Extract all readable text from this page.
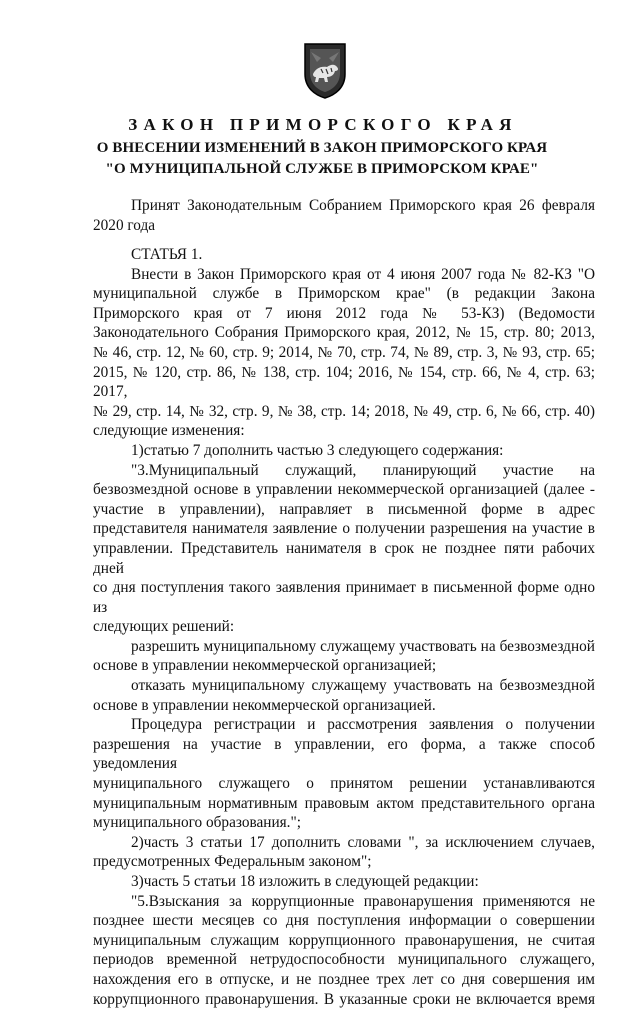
ЗАКОН ПРИМОРСКОГО КРАЯ
О ВНЕСЕНИИ ИЗМЕНЕНИЙ В ЗАКОН ПРИМОРСКОГО КРАЯ
"О МУНИЦИПАЛЬНОЙ СЛУЖБЕ В ПРИМОРСКОМ КРАЕ"

Принят Законодательным Собранием Приморского края 26 февраля

2020 года

СТАТЬЯ 1.

Внести в Закон Приморского края от 4 июня 2007 года № 82-КЗ "О

муниципальной службе в Приморском крае" (в редакции Закона

Приморского края от 7 июня 2012 года № 53-КЗ) (Ведомости

Законодательного Собрания Приморского края, 2012, № 15, стр. 80; 2013,

№ 46, стр. 12, № 60, стр. 9; 2014, № 70, стр. 74, № 89, стр. 3, № 93, стр. 65;

2015, № 120, стр. 86, № 138, стр. 104; 2016, № 154, стр. 66, № 4, стр. 63; 2017,

№ 29, стр. 14, № 32, стр. 9, № 38, стр. 14; 2018, № 49, стр. 6, № 66, стр. 40)

следующие изменения:

1)статью 7 дополнить частью 3 следующего содержания:

"3.Муниципальный служащий, планирующий участие на

безвозмездной основе в управлении некоммерческой организацией (далее -

участие в управлении), направляет в письменной форме в адрес

представителя нанимателя заявление о получении разрешения на участие в

управлении. Представитель нанимателя в срок не позднее пяти рабочих дней

со дня поступления такого заявления принимает в письменной форме одно из

следующих решений:

разрешить муниципальному служащему участвовать на безвозмездной

основе в управлении некоммерческой организацией;

отказать муниципальному служащему участвовать на безвозмездной

основе в управлении некоммерческой организацией.

Процедура регистрации и рассмотрения заявления о получении

разрешения на участие в управлении, его форма, а также способ уведомления

муниципального служащего о принятом решении устанавливаются

муниципальным нормативным правовым актом представительного органа

муниципального образования.";

2)часть 3 статьи 17 дополнить словами ", за исключением случаев,

предусмотренных Федеральным законом";

3)часть 5 статьи 18 изложить в следующей редакции:

"5.Взыскания за коррупционные правонарушения применяются не

позднее шести месяцев со дня поступления информации о совершении

муниципальным служащим коррупционного правонарушения, не считая

периодов временной нетрудоспособности муниципального служащего,

нахождения его в отпуске, и не позднее трех лет со дня совершения им

коррупционного правонарушения. В указанные сроки не включается время
